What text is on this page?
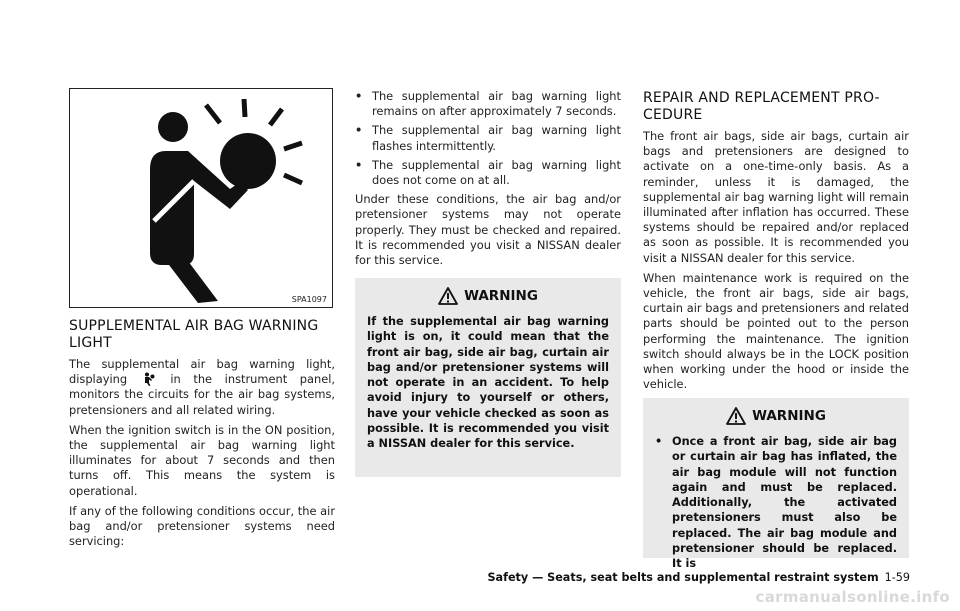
SPA1097
SUPPLEMENTAL AIR BAG WARNING
LIGHT

The supplemental air bag warning light, displaying	in the instrument panel, monitors the circuits for the air bag systems, pretensioners and all related wiring.

When the ignition switch is in the ON position, the supplemental air bag warning light illuminates for about 7 seconds and then turns off. This means the system is operational.

If any of the following conditions occur, the air bag and/or pretensioner systems need servicing:

• The supplemental air bag warning light remains on after approximately 7 seconds.
• The supplemental air bag warning light flashes intermittently.
• The supplemental air bag warning light does not come on at all.

Under these conditions, the air bag and/or pretensioner systems may not operate properly. They must be checked and repaired. It is recommended you visit a NISSAN dealer for this service.

WARNING

If the supplemental air bag warning light is on, it could mean that the front air bag, side air bag, curtain air bag and/or pretensioner systems will not operate in an accident. To help avoid injury to yourself or others, have your vehicle checked as soon as possible. It is recommended you visit a NISSAN dealer for this service.

REPAIR AND REPLACEMENT PRO-
CEDURE

The front air bags, side air bags, curtain air bags and pretensioners are designed to activate on a one-time-only basis. As a reminder, unless it is damaged, the supplemental air bag warning light will remain illuminated after inflation has occurred. These systems should be repaired and/or replaced as soon as possible. It is recommended you visit a NISSAN dealer for this service.

When maintenance work is required on the vehicle, the front air bags, side air bags, curtain air bags and pretensioners and related parts should be pointed out to the person performing the maintenance. The ignition switch should always be in the LOCK position when working under the hood or inside the vehicle.

WARNING
• Once a front air bag, side air bag or curtain air bag has inflated, the air bag module will not function again and must be replaced. Additionally, the activated pretensioners must also be replaced. The air bag module and pretensioner should be replaced. It is
Safety — Seats, seat belts and supplemental restraint system 1-59
carmanualsonline.info
